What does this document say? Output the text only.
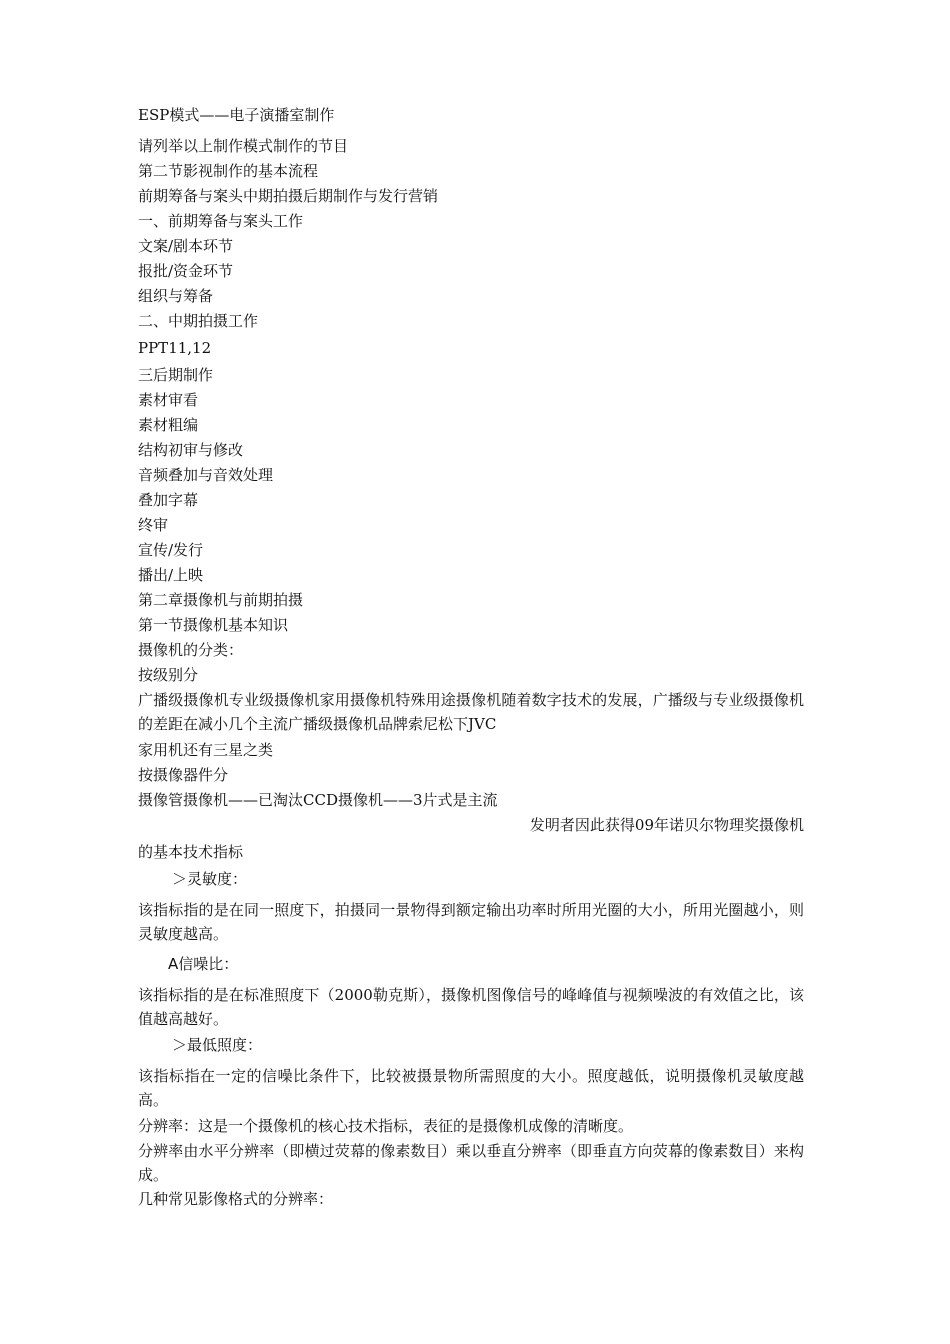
ESP模式——电子演播室制作

请列举以上制作模式制作的节目

第二节影视制作的基本流程

前期筹备与案头中期拍摄后期制作与发行营销

一、前期筹备与案头工作

文案/剧本环节

报批/资金环节

组织与筹备

二、中期拍摄工作

PPT11,12

三后期制作

素材审看

素材粗编

结构初审与修改

音频叠加与音效处理

叠加字幕

终审

宣传/发行

播出/上映

第二章摄像机与前期拍摄

第一节摄像机基本知识

摄像机的分类：

按级别分

广播级摄像机专业级摄像机家用摄像机特殊用途摄像机随着数字技术的发展，广播级与专业级摄像机的差距在减小几个主流广播级摄像机品牌索尼松下JVC

家用机还有三星之类

按摄像器件分

摄像管摄像机——已淘汰CCD摄像机——3片式是主流

发明者因此获得09年诺贝尔物理奖摄像机

的基本技术指标

＞灵敏度：

该指标指的是在同一照度下，拍摄同一景物得到额定输出功率时所用光圈的大小，所用光圈越小，则灵敏度越高。

A信噪比：

该指标指的是在标准照度下（2000勒克斯），摄像机图像信号的峰峰值与视频噪波的有效值之比，该值越高越好。

＞最低照度：

该指标指在一定的信噪比条件下，比较被摄景物所需照度的大小。照度越低，说明摄像机灵敏度越高。

分辨率：这是一个摄像机的核心技术指标，表征的是摄像机成像的清晰度。

分辨率由水平分辨率（即横过荧幕的像素数目）乘以垂直分辨率（即垂直方向荧幕的像素数目）来构成。

几种常见影像格式的分辨率：
